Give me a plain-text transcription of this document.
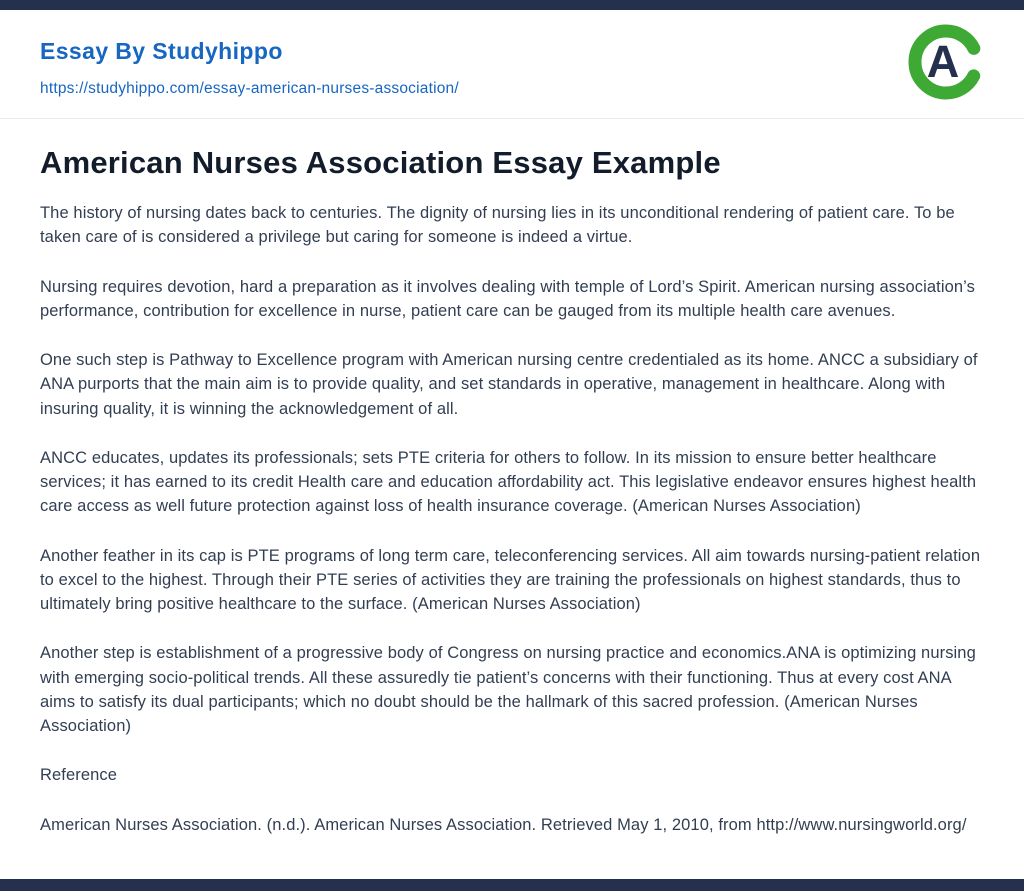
Essay By Studyhippo
https://studyhippo.com/essay-american-nurses-association/
A
American Nurses Association Essay Example

The history of nursing dates back to centuries. The dignity of nursing lies in its unconditional rendering of patient care. To be taken care of is considered a privilege but caring for someone is indeed a virtue.

Nursing requires devotion, hard a preparation as it involves dealing with temple of Lord’s Spirit. American nursing association’s performance, contribution for excellence in nurse, patient care can be gauged from its multiple health care avenues.

One such step is Pathway to Excellence program with American nursing centre credentialed as its home. ANCC a subsidiary of ANA purports that the main aim is to provide quality, and set standards in operative, management in healthcare. Along with insuring quality, it is winning the acknowledgement of all.

ANCC educates, updates its professionals; sets PTE criteria for others to follow. In its mission to ensure better healthcare services; it has earned to its credit Health care and education affordability act. This legislative endeavor ensures highest health care access as well future protection against loss of health insurance coverage. (American Nurses Association)

Another feather in its cap is PTE programs of long term care, teleconferencing services. All aim towards nursing-patient relation to excel to the highest. Through their PTE series of activities they are training the professionals on highest standards, thus to ultimately bring positive healthcare to the surface. (American Nurses Association)

Another step is establishment of a progressive body of Congress on nursing practice and economics.ANA is optimizing nursing with emerging socio-political trends. All these assuredly tie patient’s concerns with their functioning. Thus at every cost ANA aims to satisfy its dual participants; which no doubt should be the hallmark of this sacred profession. (American Nurses Association)

Reference

American Nurses Association. (n.d.). American Nurses Association. Retrieved May 1, 2010, from http://www.nursingworld.org/
